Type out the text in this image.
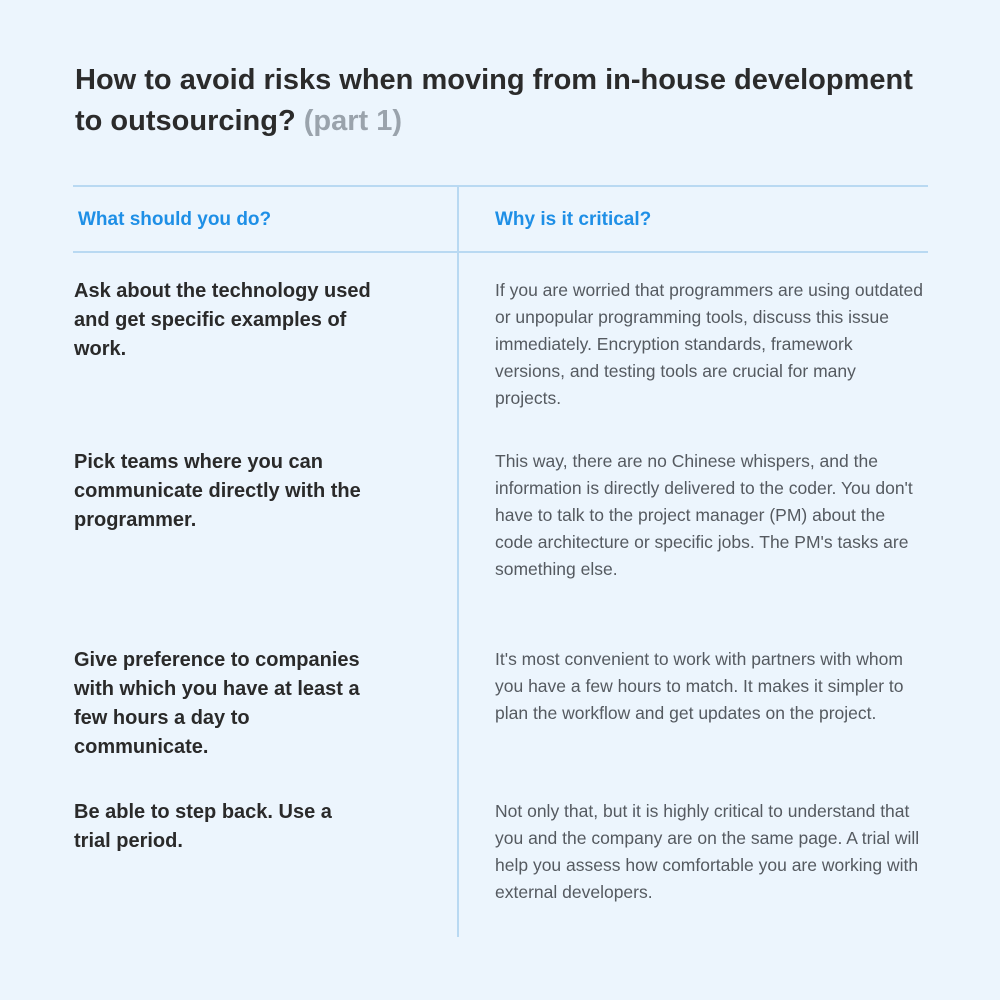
How to avoid risks when moving from in-house development to outsourcing? (part 1)
What should you do?	Why is it critical?
Ask about the technology used and get specific examples of work.
If you are worried that programmers are using outdated or unpopular programming tools, discuss this issue immediately. Encryption standards, framework versions, and testing tools are crucial for many projects.
Pick teams where you can communicate directly with the programmer.
This way, there are no Chinese whispers, and the information is directly delivered to the coder. You don't have to talk to the project manager (PM) about the code architecture or specific jobs. The PM's tasks are something else.
Give preference to companies with which you have at least a few hours a day to communicate.
It's most convenient to work with partners with whom you have a few hours to match. It makes it simpler to plan the workflow and get updates on the project.
Be able to step back. Use a trial period.
Not only that, but it is highly critical to understand that you and the company are on the same page. A trial will help you assess how comfortable you are working with external developers.
